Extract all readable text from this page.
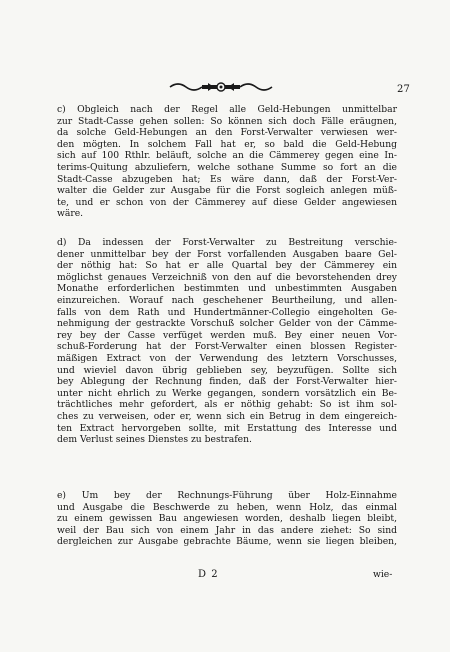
27

c) Obgleich nach der Regel alle Geld-Hebungen unmittelbar
zur Stadt-Casse gehen sollen: So können sich doch Fälle eräugnen,
da solche Geld-Hebungen an den Forst-Verwalter verwiesen wer-
den mögten. In solchem Fall hat er, so bald die Geld-Hebung
sich auf 100 Rthlr. beläuft, solche an die Cämmerey gegen eine In-
terims-Quitung abzuliefern, welche sothane Summe so fort an die
Stadt-Casse abzugeben hat; Es wäre dann, daß der Forst-Ver-
walter die Gelder zur Ausgabe für die Forst sogleich anlegen müß-
te, und er schon von der Cämmerey auf diese Gelder angewiesen
wäre.

d) Da indessen der Forst-Verwalter zu Bestreitung verschie-
dener unmittelbar bey der Forst vorfallenden Ausgaben baare Gel-
der nöthig hat: So hat er alle Quartal bey der Cämmerey ein
möglichst genaues Verzeichniß von den auf die bevorstehenden drey
Monathe erforderlichen bestimmten und unbestimmten Ausgaben
einzureichen. Worauf nach geschehener Beurtheilung, und allen-
falls von dem Rath und Hundertmänner-Collegio eingeholten Ge-
nehmigung der gestrackte Vorschuß solcher Gelder von der Cämme-
rey bey der Casse verfüget werden muß. Bey einer neuen Vor-
schuß-Forderung hat der Forst-Verwalter einen blossen Register-
mäßigen Extract von der Verwendung des letztern Vorschusses,
und wieviel davon übrig geblieben sey, beyzufügen. Sollte sich
bey Ablegung der Rechnung finden, daß der Forst-Verwalter hier-
unter nicht ehrlich zu Werke gegangen, sondern vorsätzlich ein Be-
trächtliches mehr gefordert, als er nöthig gehabt: So ist ihm sol-
ches zu verweisen, oder er, wenn sich ein Betrug in dem eingereich-
ten Extract hervorgeben sollte, mit Erstattung des Interesse und
dem Verlust seines Dienstes zu bestrafen.

e) Um bey der Rechnungs-Führung über Holz-Einnahme
und Ausgabe die Beschwerde zu heben, wenn Holz, das einmal
zu einem gewissen Bau angewiesen worden, deshalb liegen bleibt,
weil der Bau sich von einem Jahr in das andere ziehet: So sind
dergleichen zur Ausgabe gebrachte Bäume, wenn sie liegen bleiben,

D 2	wie-
